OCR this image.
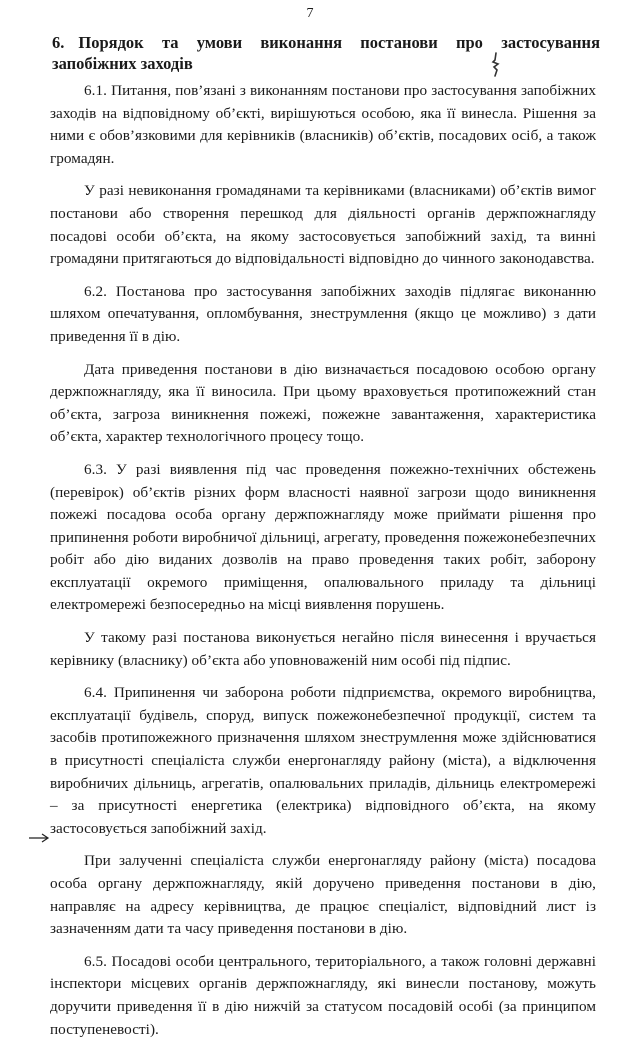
7
6. Порядок та умови виконання постанови про застосування запобіжних заходів

6.1. Питання, пов’язані з виконанням постанови про застосування запобіжних заходів на відповідному об’єкті, вирішуються особою, яка її винесла. Рішення за ними є обов’язковими для керівників (власників) об’єктів, посадових осіб, а також громадян.

У разі невиконання громадянами та керівниками (власниками) об’єктів вимог постанови або створення перешкод для діяльності органів держпожнагляду посадові особи об’єкта, на якому застосовується запобіжний захід, та винні громадяни притягаються до відповідальності відповідно до чинного законодавства.

6.2. Постанова про застосування запобіжних заходів підлягає виконанню шляхом опечатування, опломбування, знеструмлення (якщо це можливо) з дати приведення її в дію.

Дата приведення постанови в дію визначається посадовою особою органу держпожнагляду, яка її виносила. При цьому враховується протипожежний стан об’єкта, загроза виникнення пожежі, пожежне завантаження, характеристика об’єкта, характер технологічного процесу тощо.

6.3. У разі виявлення під час проведення пожежно-технічних обстежень (перевірок) об’єктів різних форм власності наявної загрози щодо виникнення пожежі посадова особа органу держпожнагляду може приймати рішення про припинення роботи виробничої дільниці, агрегату, проведення пожежонебезпечних робіт або дію виданих дозволів на право проведення таких робіт, заборону експлуатації окремого приміщення, опалювального приладу та дільниці електромережі безпосередньо на місці виявлення порушень.

У такому разі постанова виконується негайно після винесення і вручається керівнику (власнику) об’єкта або уповноваженій ним особі під підпис.

6.4. Припинення чи заборона роботи підприємства, окремого виробництва, експлуатації будівель, споруд, випуск пожежонебезпечної продукції, систем та засобів протипожежного призначення шляхом знеструмлення може здійснюватися в присутності спеціаліста служби енергонагляду району (міста), а відключення виробничих дільниць, агрегатів, опалювальних приладів, дільниць електромережі – за присутності енергетика (електрика) відповідного об’єкта, на якому застосовується запобіжний захід.

При залученні спеціаліста служби енергонагляду району (міста) посадова особа органу держпожнагляду, якій доручено приведення постанови в дію, направляє на адресу керівництва, де працює спеціаліст, відповідний лист із зазначенням дати та часу приведення постанови в дію.

6.5. Посадові особи центрального, територіального, а також головні державні інспектори місцевих органів держпожнагляду, які винесли постанову, можуть доручити приведення її в дію нижчій за статусом посадовій особі (за принципом поступеневості).
